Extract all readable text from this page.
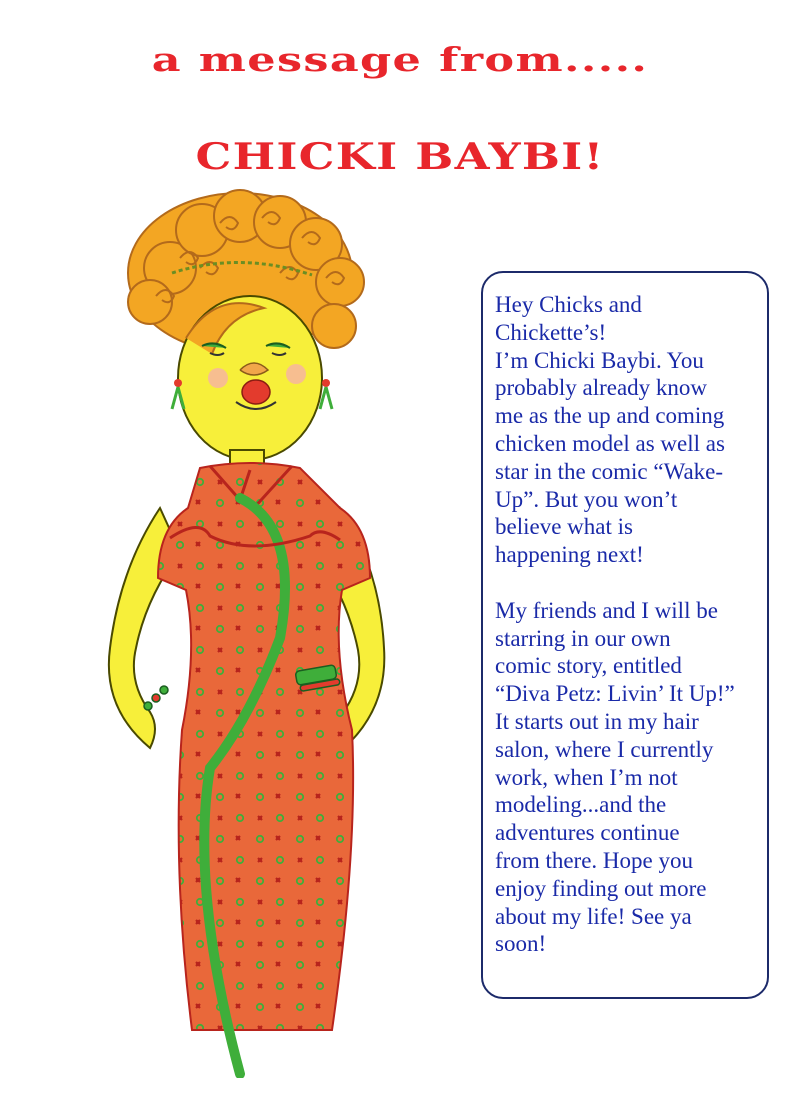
a message from.....
CHICKI BAYBI!

Hey Chicks and
Chickette’s!
I’m Chicki Baybi. You
probably already know
me as the up and coming
chicken model as well as
star in the comic “Wake-
Up”. But you won’t
believe what is
happening next!

My friends and I will be
starring in our own
comic story, entitled
“Diva Petz: Livin’ It Up!”
It starts out in my hair
salon, where I currently
work, when I’m not
modeling...and the
adventures continue
from there. Hope you
enjoy finding out more
about my life! See ya
soon!
